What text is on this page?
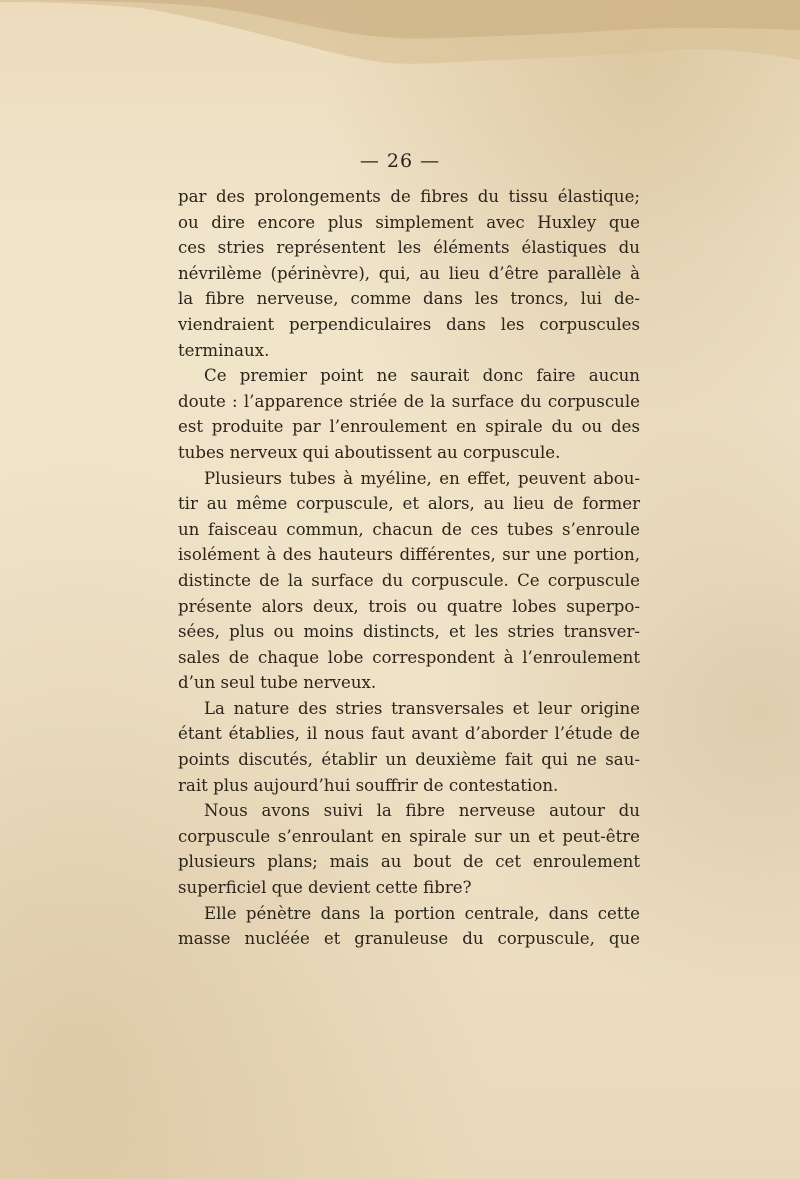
— 26 —
par des prolongements de fibres du tissu élastique;
ou dire encore plus simplement avec Huxley que
ces stries représentent les éléments élastiques du
névrilème (périnèvre), qui, au lieu d’être parallèle à
la fibre nerveuse, comme dans les troncs, lui de-
viendraient perpendiculaires dans les corpuscules
terminaux.
Ce premier point ne saurait donc faire aucun
doute : l’apparence striée de la surface du corpuscule
est produite par l’enroulement en spirale du ou des
tubes nerveux qui aboutissent au corpuscule.
Plusieurs tubes à myéline, en effet, peuvent abou-
tir au même corpuscule, et alors, au lieu de former
un faisceau commun, chacun de ces tubes s’enroule
isolément à des hauteurs différentes, sur une portion,
distincte de la surface du corpuscule. Ce corpuscule
présente alors deux, trois ou quatre lobes superpo-
sées, plus ou moins distincts, et les stries transver-
sales de chaque lobe correspondent à l’enroulement
d’un seul tube nerveux.
La nature des stries transversales et leur origine
étant établies, il nous faut avant d’aborder l’étude de
points discutés, établir un deuxième fait qui ne sau-
rait plus aujourd’hui souffrir de contestation.
Nous avons suivi la fibre nerveuse autour du
corpuscule s’enroulant en spirale sur un et peut-être
plusieurs plans; mais au bout de cet enroulement
superficiel que devient cette fibre?
Elle pénètre dans la portion centrale, dans cette
masse nucléée et granuleuse du corpuscule, que
